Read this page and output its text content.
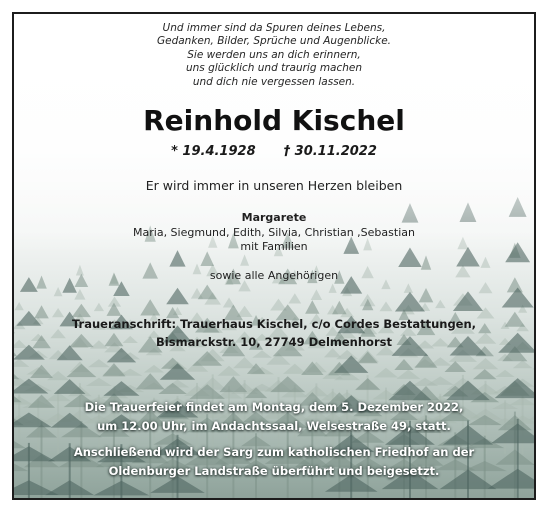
Und immer sind da Spuren deines Lebens,
Gedanken, Bilder, Sprüche und Augenblicke.
Sie werden uns an dich erinnern,
uns glücklich und traurig machen
und dich nie vergessen lassen.
Reinhold Kischel
* 19.4.1928 † 30.11.2022
Er wird immer in unseren Herzen bleiben
Margarete
Maria, Siegmund, Edith, Silvia, Christian ,Sebastian
mit Familien
sowie alle Angehörigen
Traueranschrift: Trauerhaus Kischel, c/o Cordes Bestattungen,
Bismarckstr. 10, 27749 Delmenhorst
Die Trauerfeier findet am Montag, dem 5. Dezember 2022,
um 12.00 Uhr, im Andachtssaal, Welsestraße 49, statt.
Anschließend wird der Sarg zum katholischen Friedhof an der
Oldenburger Landstraße überführt und beigesetzt.
